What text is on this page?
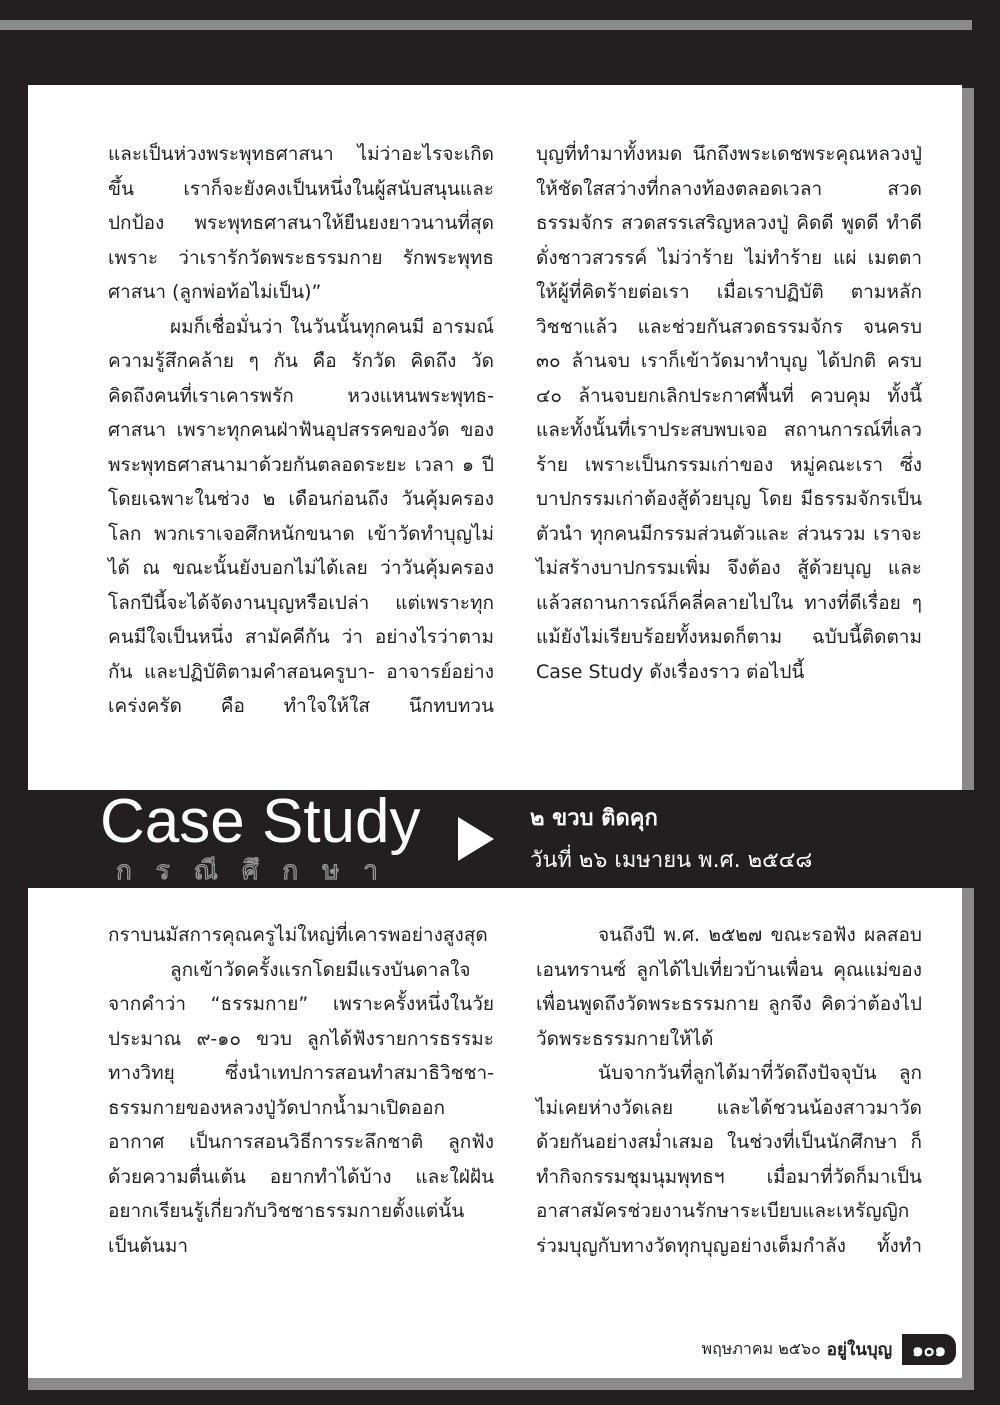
และเป็นห่วงพระพุทธศาสนา ไม่ว่าอะไรจะเกิดขึ้น เราก็จะยังคงเป็นหนึ่งในผู้สนับสนุนและปกป้อง พระพุทธศาสนาให้ยืนยงยาวนานที่สุด เพราะ ว่าเรารักวัดพระธรรมกาย รักพระพุทธศาสนา (ลูกพ่อท้อไม่เป็น)”

ผมก็เชื่อมั่นว่า ในวันนั้นทุกคนมี อารมณ์ความรู้สึกคล้าย ๆ กัน คือ รักวัด คิดถึง วัด คิดถึงคนที่เราเคารพรัก หวงแหนพระพุทธ- ศาสนา เพราะทุกคนฝ่าฟันอุปสรรคของวัด ของพระพุทธศาสนามาด้วยกันตลอดระยะ เวลา ๑ ปี โดยเฉพาะในช่วง ๒ เดือนก่อนถึง วันคุ้มครองโลก พวกเราเจอศึกหนักขนาด เข้าวัดทำบุญไม่ได้ ณ ขณะนั้นยังบอกไม่ได้เลย ว่าวันคุ้มครองโลกปีนี้จะได้จัดงานบุญหรือเปล่า แต่เพราะทุกคนมีใจเป็นหนึ่ง สามัคคีกัน ว่า อย่างไรว่าตามกัน และปฏิบัติตามคำสอนครูบา- อาจารย์อย่างเคร่งครัด คือ ทำใจให้ใส นึกทบทวน

บุญที่ทำมาทั้งหมด นึกถึงพระเดชพระคุณหลวงปู่ ให้ชัดใสสว่างที่กลางท้องตลอดเวลา สวด ธรรมจักร สวดสรรเสริญหลวงปู่ คิดดี พูดดี ทำดีดั่งชาวสวรรค์ ไม่ว่าร้าย ไม่ทำร้าย แผ่ เมตตาให้ผู้ที่คิดร้ายต่อเรา เมื่อเราปฏิบัติ ตามหลักวิชชาแล้ว และช่วยกันสวดธรรมจักร จนครบ ๓๐ ล้านจบ เราก็เข้าวัดมาทำบุญ ได้ปกติ ครบ ๔๐ ล้านจบยกเลิกประกาศพื้นที่ ควบคุม ทั้งนี้และทั้งนั้นที่เราประสบพบเจอ สถานการณ์ที่เลวร้าย เพราะเป็นกรรมเก่าของ หมู่คณะเรา ซึ่งบาปกรรมเก่าต้องสู้ด้วยบุญ โดย มีธรรมจักรเป็นตัวนำ ทุกคนมีกรรมส่วนตัวและ ส่วนรวม เราจะไม่สร้างบาปกรรมเพิ่ม จึงต้อง สู้ด้วยบุญ และแล้วสถานการณ์ก็คลี่คลายไปใน ทางที่ดีเรื่อย ๆ แม้ยังไม่เรียบร้อยทั้งหมดก็ตาม ฉบับนี้ติดตาม Case Study ดังเรื่องราว ต่อไปนี้

Case Study
กรณีศึกษา
๒ ขวบ ติดคุก
วันที่ ๒๖ เมษายน พ.ศ. ๒๕๔๘

กราบนมัสการคุณครูไม่ใหญ่ที่เคารพอย่างสูงสุด

ลูกเข้าวัดครั้งแรกโดยมีแรงบันดาลใจ จากคำว่า “ธรรมกาย” เพราะครั้งหนึ่งในวัย ประมาณ ๙-๑๐ ขวบ ลูกได้ฟังรายการธรรมะ ทางวิทยุ ซึ่งนำเทปการสอนทำสมาธิวิชชา- ธรรมกายของหลวงปู่วัดปากน้ำมาเปิดออก อากาศ เป็นการสอนวิธีการระลึกชาติ ลูกฟัง ด้วยความตื่นเต้น อยากทำได้บ้าง และใฝ่ฝัน อยากเรียนรู้เกี่ยวกับวิชชาธรรมกายตั้งแต่นั้น เป็นต้นมา

จนถึงปี พ.ศ. ๒๕๒๗ ขณะรอฟัง ผลสอบเอนทรานซ์ ลูกได้ไปเที่ยวบ้านเพื่อน คุณแม่ของเพื่อนพูดถึงวัดพระธรรมกาย ลูกจึง คิดว่าต้องไปวัดพระธรรมกายให้ได้

นับจากวันที่ลูกได้มาที่วัดถึงปัจจุบัน ลูกไม่เคยห่างวัดเลย และได้ชวนน้องสาวมาวัด ด้วยกันอย่างสม่ำเสมอ ในช่วงที่เป็นนักศึกษา ก็ทำกิจกรรมชุมนุมพุทธฯ เมื่อมาที่วัดก็มาเป็น อาสาสมัครช่วยงานรักษาระเบียบและเหรัญญิก ร่วมบุญกับทางวัดทุกบุญอย่างเต็มกำลัง ทั้งทำ

พฤษภาคม ๒๕๖๐ อยู่ในบุญ	๑๐๑
